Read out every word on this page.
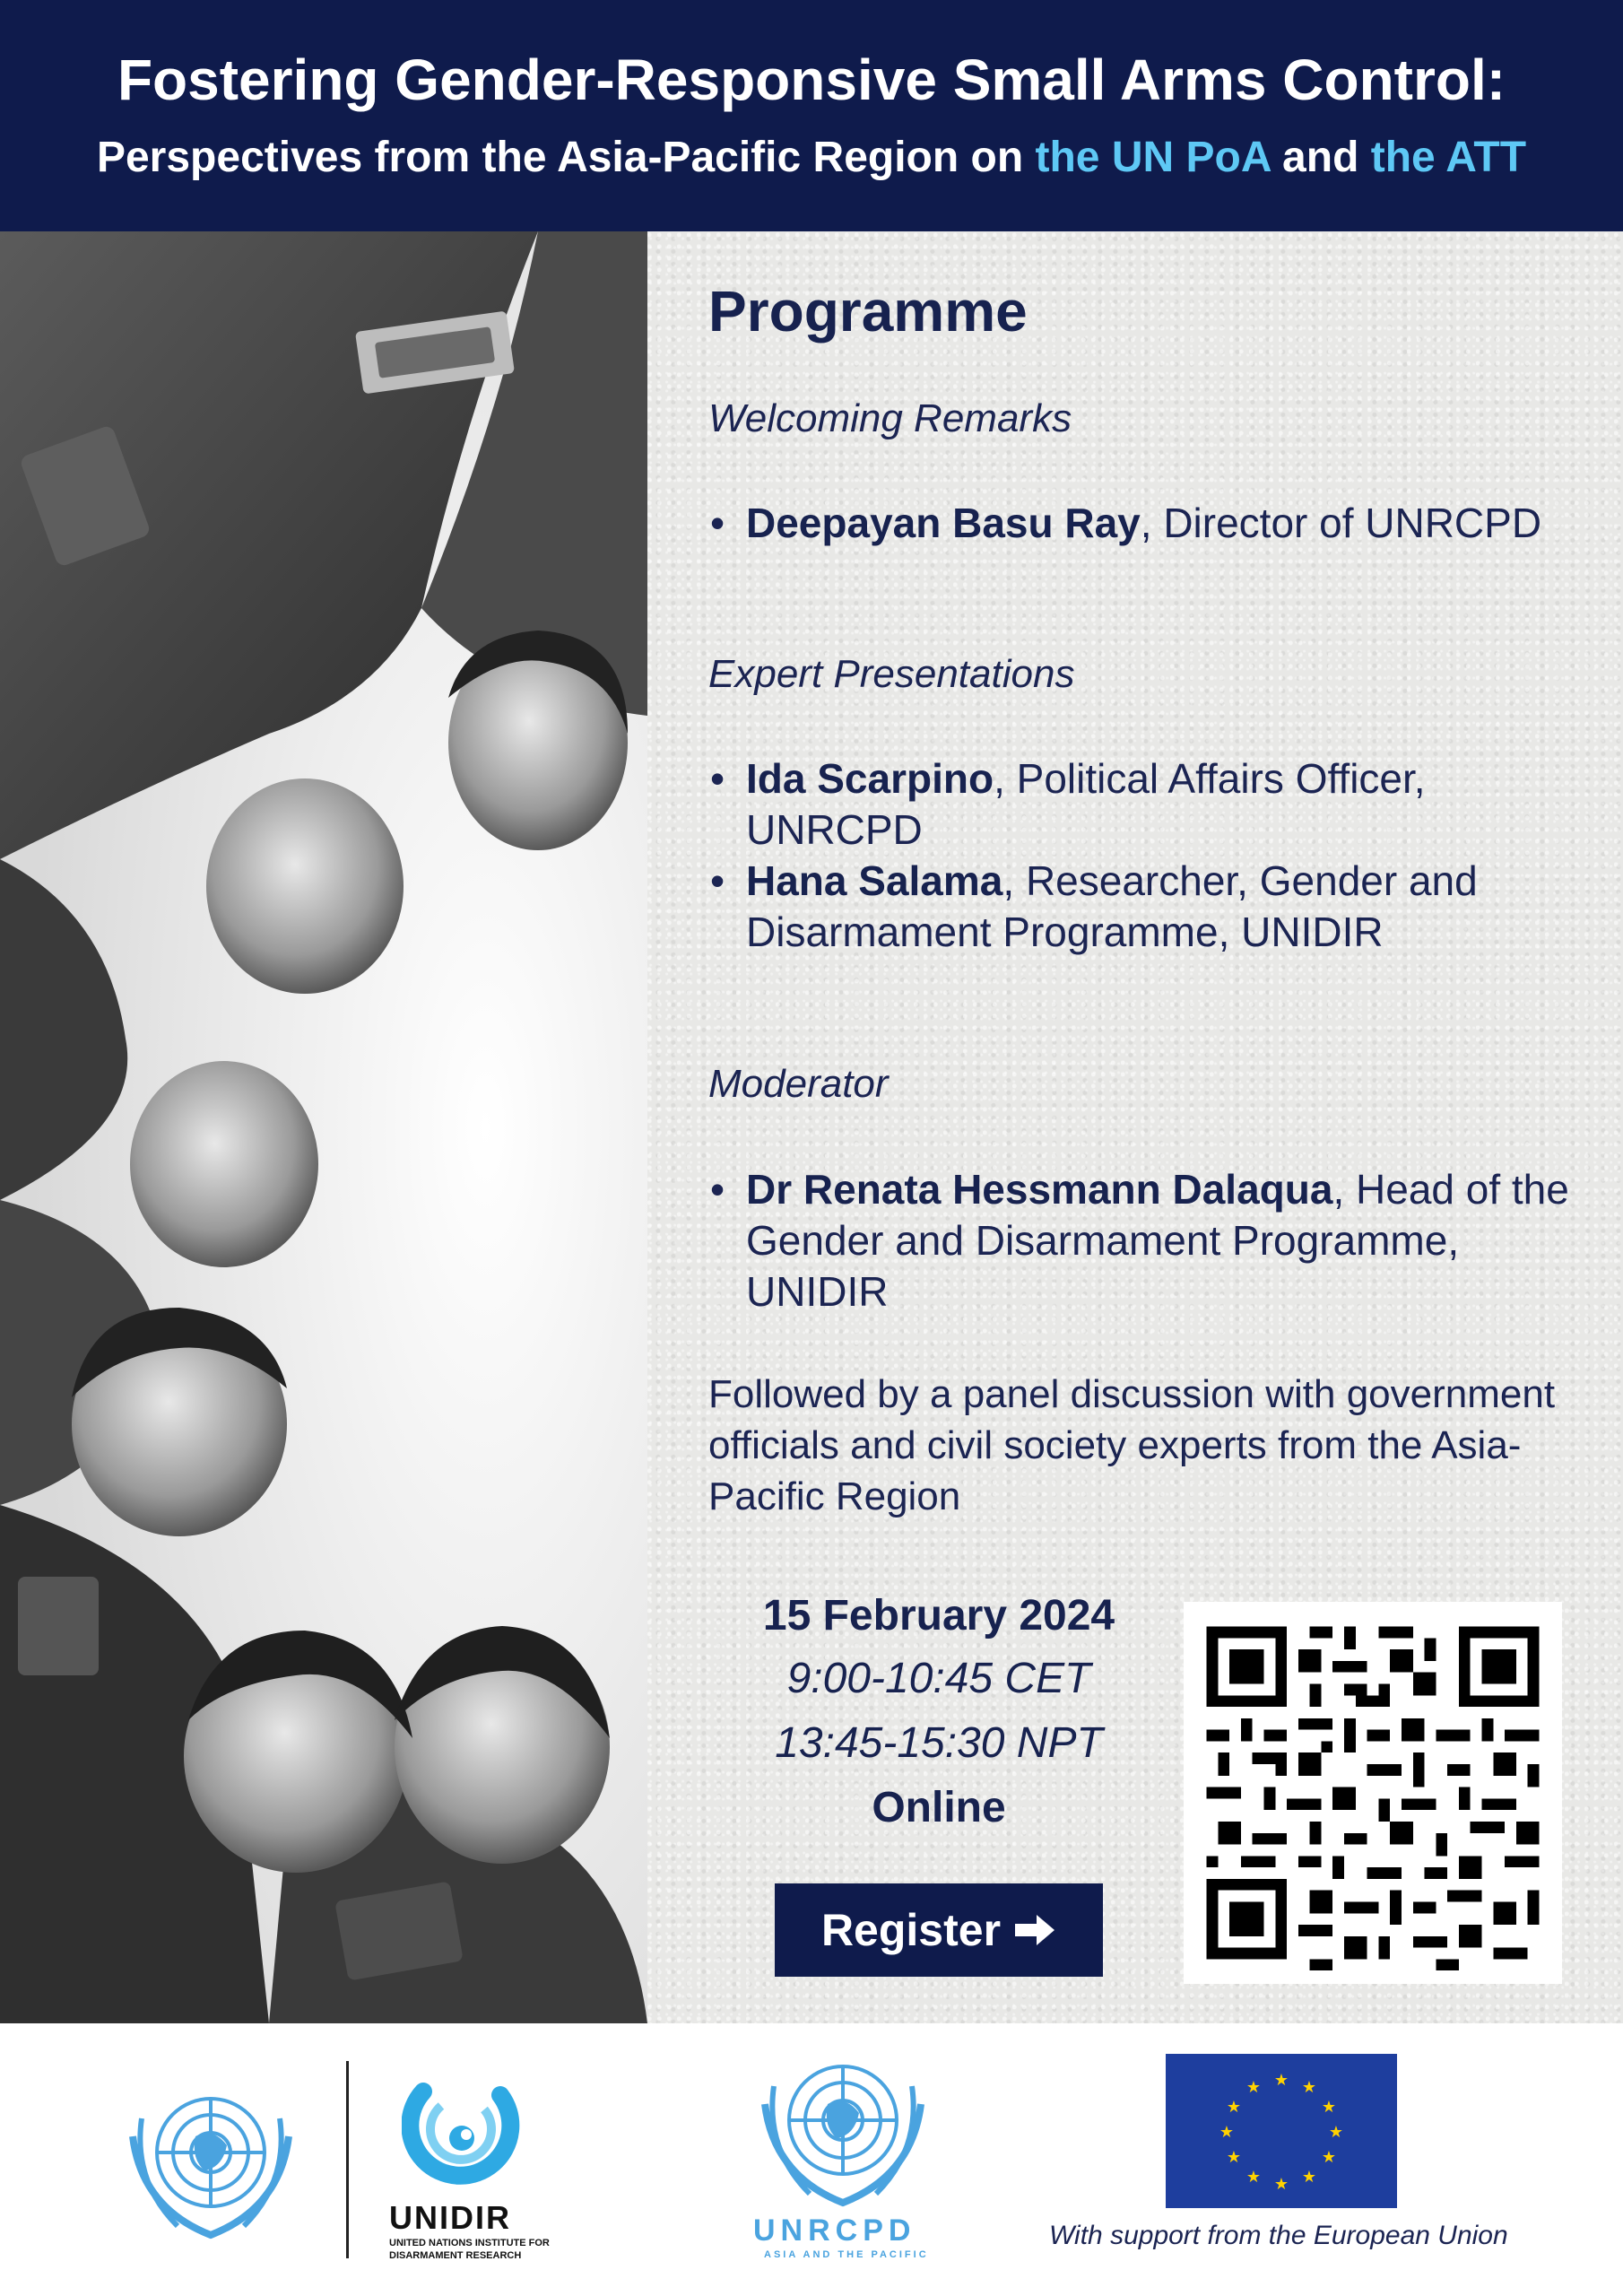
Fostering Gender-Responsive Small Arms Control:
Perspectives from the Asia-Pacific Region on the UN PoA and the ATT
Programme
Welcoming Remarks
• Deepayan Basu Ray, Director of UNRCPD
Expert Presentations
• Ida Scarpino, Political Affairs Officer, UNRCPD
• Hana Salama, Researcher, Gender and Disarmament Programme, UNIDIR
Moderator
• Dr Renata Hessmann Dalaqua, Head of the Gender and Disarmament Programme, UNIDIR
Followed by a panel discussion with government officials and civil society experts from the Asia-Pacific Region
15 February 2024
9:00-10:45 CET
13:45-15:30 NPT
Online
Register
UNIDIR
UNITED NATIONS INSTITUTE FOR DISARMAMENT RESEARCH
UNRCPD
ASIA AND THE PACIFIC
★ ★
★
★
★
★
★
★
★
★
★
★
With support from the European Union
